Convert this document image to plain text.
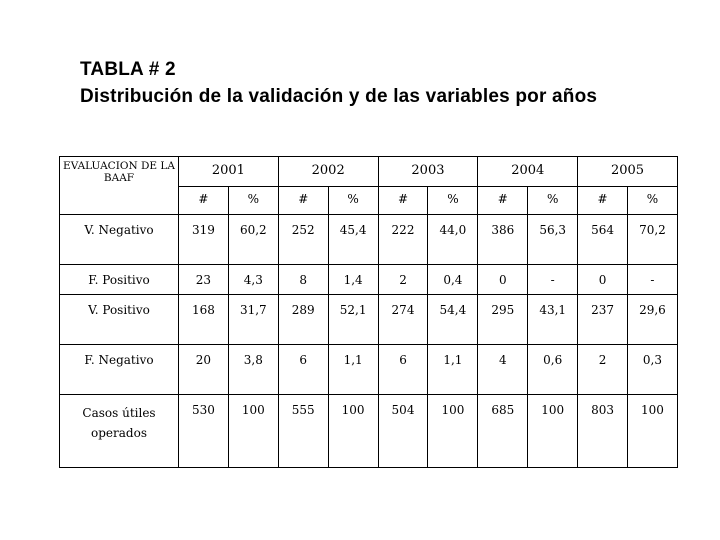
TABLA # 2
Distribución de la validación y de las variables por años
EVALUACION DE LA BAAF	2001		2002		2003		2004		2005	
	#	%	#	%	#	%	#	%	#	%
V. Negativo	319	60,2	252	45,4	222	44,0	386	56,3	564	70,2
F. Positivo	23	4,3	8	1,4	2	0,4	0	-	0	-
V. Positivo	168	31,7	289	52,1	274	54,4	295	43,1	237	29,6
F. Negativo	20	3,8	6	1,1	6	1,1	4	0,6	2	0,3
Casos útiles operados	530	100	555	100	504	100	685	100	803	100
